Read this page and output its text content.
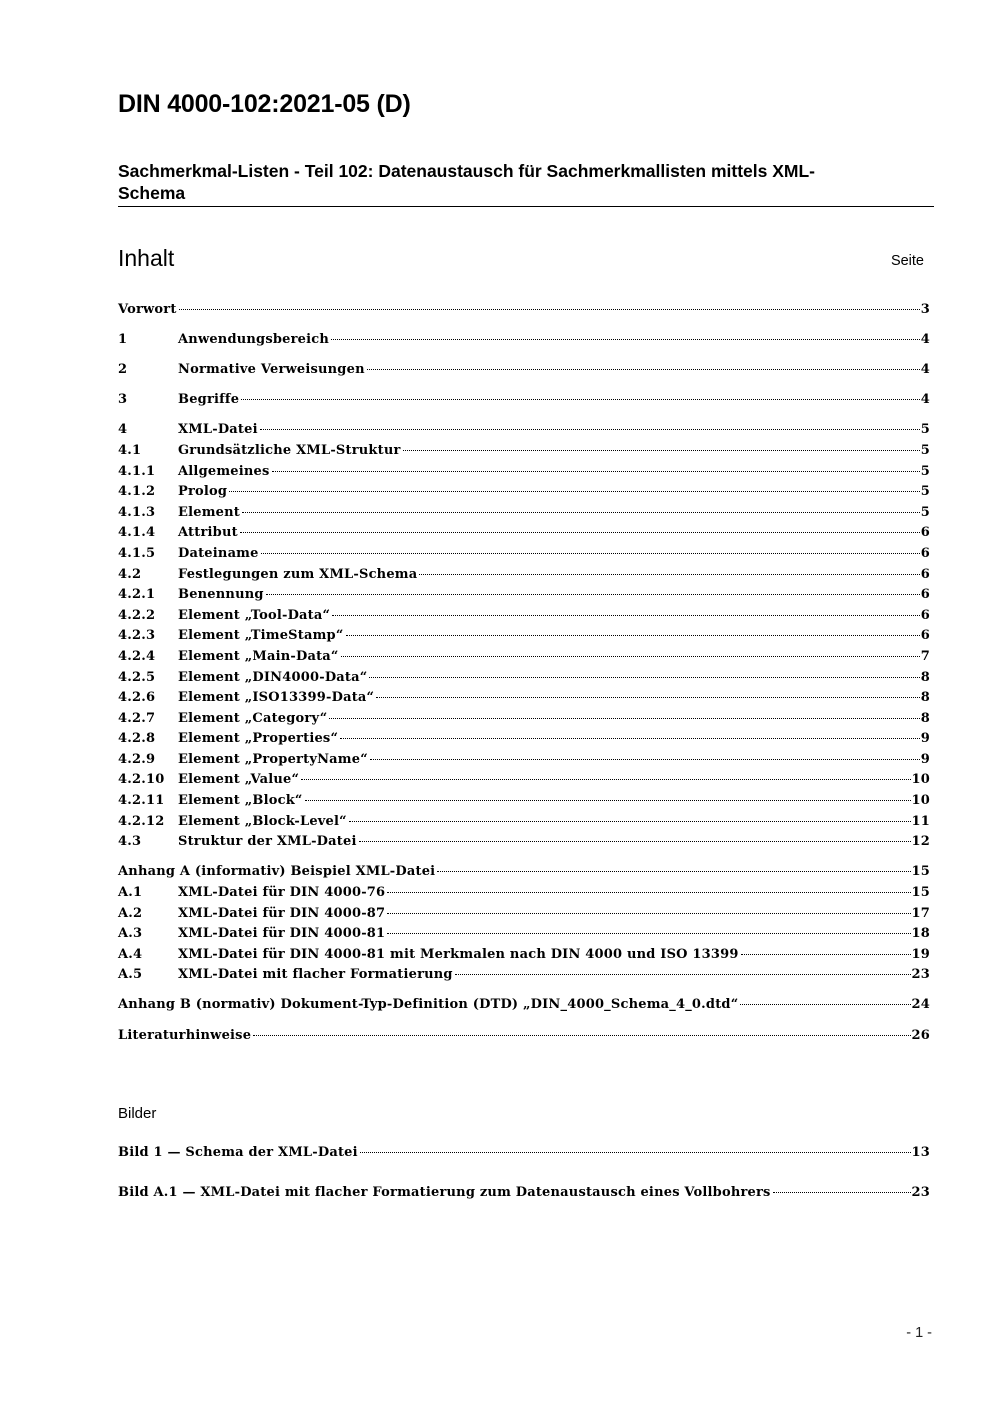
DIN 4000-102:2021-05 (D)
Sachmerkmal-Listen - Teil 102: Datenaustausch für Sachmerkmallisten mittels XML-
Schema
Inhalt	Seite
Vorwort	3
1	Anwendungsbereich	4
2	Normative Verweisungen	4
3	Begriffe	4
4	XML-Datei	5
4.1	Grundsätzliche XML-Struktur	5
4.1.1	Allgemeines	5
4.1.2	Prolog	5
4.1.3	Element	5
4.1.4	Attribut	6
4.1.5	Dateiname	6
4.2	Festlegungen zum XML-Schema	6
4.2.1	Benennung	6
4.2.2	Element „Tool-Data“	6
4.2.3	Element „TimeStamp“	6
4.2.4	Element „Main-Data“	7
4.2.5	Element „DIN4000-Data“	8
4.2.6	Element „ISO13399-Data“	8
4.2.7	Element „Category“	8
4.2.8	Element „Properties“	9
4.2.9	Element „PropertyName“	9
4.2.10	Element „Value“	10
4.2.11	Element „Block“	10
4.2.12	Element „Block-Level“	11
4.3	Struktur der XML-Datei	12
Anhang A (informativ) Beispiel XML-Datei	15
A.1	XML-Datei für DIN 4000-76	15
A.2	XML-Datei für DIN 4000-87	17
A.3	XML-Datei für DIN 4000-81	18
A.4	XML-Datei für DIN 4000-81 mit Merkmalen nach DIN 4000 und ISO 13399	19
A.5	XML-Datei mit flacher Formatierung	23
Anhang B (normativ) Dokument-Typ-Definition (DTD) „DIN_4000_Schema_4_0.dtd“	24
Literaturhinweise	26
Bilder
Bild 1 — Schema der XML-Datei	13
Bild A.1 — XML-Datei mit flacher Formatierung zum Datenaustausch eines Vollbohrers	23
- 1 -
